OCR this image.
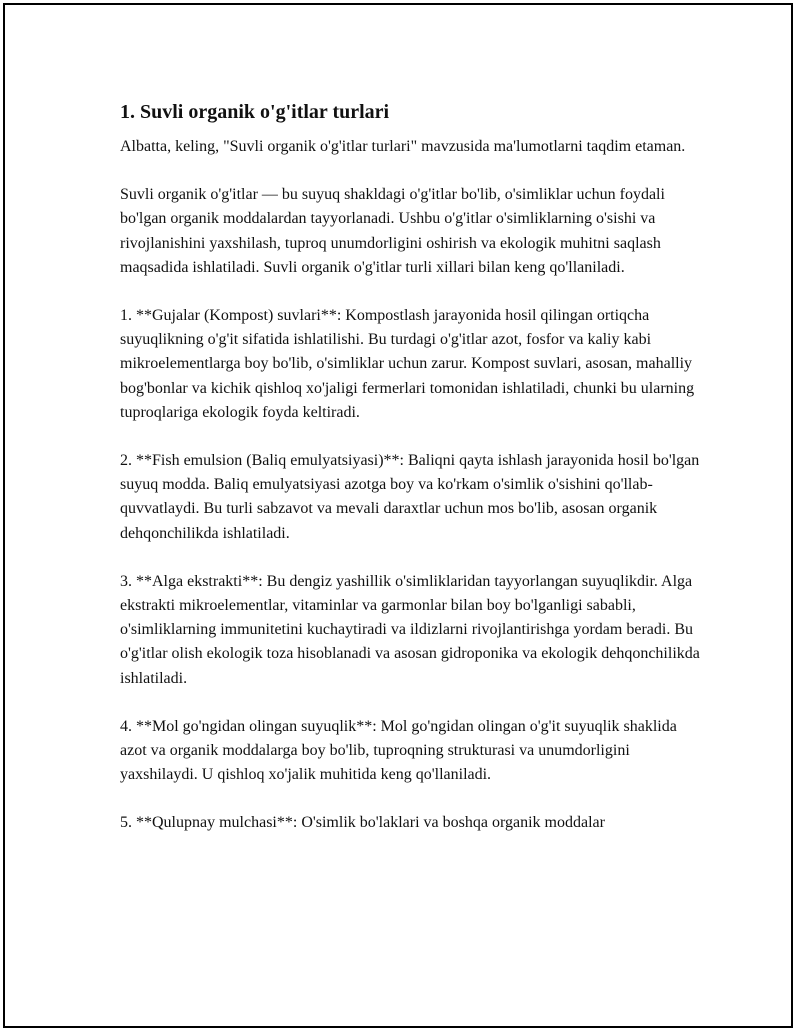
1. Suvli organik o'g'itlar turlari

Albatta, keling, "Suvli organik o'g'itlar turlari" mavzusida ma'lumotlarni taqdim etaman.

Suvli organik o'g'itlar — bu suyuq shakldagi o'g'itlar bo'lib, o'simliklar uchun foydali bo'lgan organik moddalardan tayyorlanadi. Ushbu o'g'itlar o'simliklarning o'sishi va rivojlanishini yaxshilash, tuproq unumdorligini oshirish va ekologik muhitni saqlash maqsadida ishlatiladi. Suvli organik o'g'itlar turli xillari bilan keng qo'llaniladi.

1. **Gujalar (Kompost) suvlari**: Kompostlash jarayonida hosil qilingan ortiqcha suyuqlikning o'g'it sifatida ishlatilishi. Bu turdagi o'g'itlar azot, fosfor va kaliy kabi mikroelementlarga boy bo'lib, o'simliklar uchun zarur. Kompost suvlari, asosan, mahalliy bog'bonlar va kichik qishloq xo'jaligi fermerlari tomonidan ishlatiladi, chunki bu ularning tuproqlariga ekologik foyda keltiradi.

2. **Fish emulsion (Baliq emulyatsiyasi)**: Baliqni qayta ishlash jarayonida hosil bo'lgan suyuq modda. Baliq emulyatsiyasi azotga boy va ko'rkam o'simlik o'sishini qo'llab-quvvatlaydi. Bu turli sabzavot va mevali daraxtlar uchun mos bo'lib, asosan organik dehqonchilikda ishlatiladi.

3. **Alga ekstrakti**: Bu dengiz yashillik o'simliklaridan tayyorlangan suyuqlikdir. Alga ekstrakti mikroelementlar, vitaminlar va garmonlar bilan boy bo'lganligi sababli, o'simliklarning immunitetini kuchaytiradi va ildizlarni rivojlantirishga yordam beradi. Bu o'g'itlar olish ekologik toza hisoblanadi va asosan gidroponika va ekologik dehqonchilikda ishlatiladi.

4. **Mol go'ngidan olingan suyuqlik**: Mol go'ngidan olingan o'g'it suyuqlik shaklida azot va organik moddalarga boy bo'lib, tuproqning strukturasi va unumdorligini yaxshilaydi. U qishloq xo'jalik muhitida keng qo'llaniladi.

5. **Qulupnay mulchasi**: O'simlik bo'laklari va boshqa organik moddalar
